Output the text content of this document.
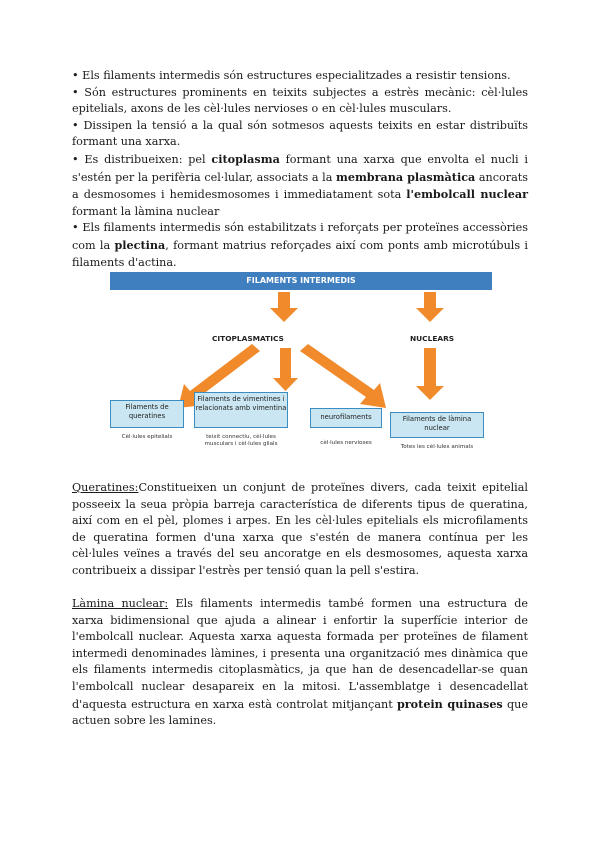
• Els filaments intermedis són estructures especialitzades a resistir tensions.

• Són estructures prominents en teixits subjectes a estrès mecànic: cèl·lules epitelials, axons de les cèl·lules nervioses o en cèl·lules musculars.

• Dissipen la tensió a la qual són sotmesos aquests teixits en estar distribuïts formant una xarxa.

• Es distribueixen: pel citoplasma formant una xarxa que envolta el nucli i s'estén per la perifèria cel·lular, associats a la membrana plasmàtica ancorats a desmosomes i hemidesmosomes i immediatament sota l'embolcall nuclear formant la làmina nuclear

• Els filaments intermedis són estabilitzats i reforçats per proteïnes accessòries com la plectina, formant matrius reforçades així com ponts amb microtúbuls i filaments d'actina.

FILAMENTS INTERMEDIS
CITOPLASMATICS	NUCLEARS
Filaments de queratines
Filaments de vimentines i relacionats amb vimentina
neurofilaments	Filaments de làmina nuclear
Cèl·lules epitelials	teixit connectiu, cèl·lules musculars i cèl·lules glials	cèl·lules nervioses
Totes les cèl·lules animals

Queratines:Constitueixen un conjunt de proteïnes divers, cada teixit epitelial posseeix la seua pròpia barreja característica de diferents tipus de queratina, així com en el pèl, plomes i arpes. En les cèl·lules epitelials els microfilaments de queratina formen d'una xarxa que s'estén de manera contínua per les cèl·lules veïnes a través del seu ancoratge en els desmosomes, aquesta xarxa contribueix a dissipar l'estrès per tensió quan la pell s'estira.

Làmina nuclear: Els filaments intermedis també formen una estructura de xarxa bidimensional que ajuda a alinear i enfortir la superfície interior de l'embolcall nuclear. Aquesta xarxa aquesta formada per proteïnes de filament intermedi denominades làmines, i presenta una organització mes dinàmica que els filaments intermedis citoplasmàtics, ja que han de desencadellar-se quan l'embolcall nuclear desapareix en la mitosi. L'assemblatge i desencadellat d'aquesta estructura en xarxa està controlat mitjançant protein quinases que actuen sobre les lamines.
